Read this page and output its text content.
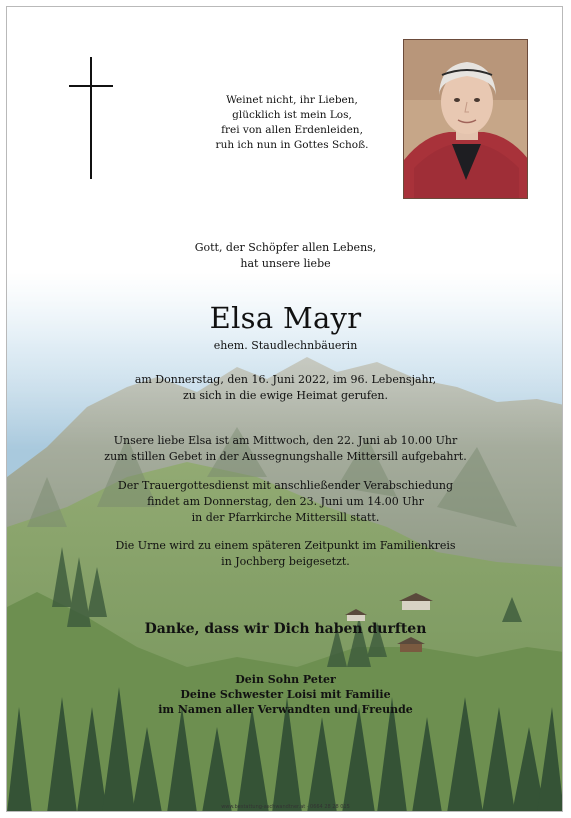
Weinet nicht, ihr Lieben,
glücklich ist mein Los,
frei von allen Erdenleiden,
ruh ich nun in Gottes Schoß.
Gott, der Schöpfer allen Lebens,
hat unsere liebe
Elsa Mayr
ehem. Staudlechnbäuerin
am Donnerstag, den 16. Juni 2022, im 96. Lebensjahr,
zu sich in die ewige Heimat gerufen.
Unsere liebe Elsa ist am Mittwoch, den 22. Juni ab 10.00 Uhr
zum stillen Gebet in der Aussegnungshalle Mittersill aufgebahrt.
Der Trauergottesdienst mit anschließender Verabschiedung
findet am Donnerstag, den 23. Juni um 14.00 Uhr
in der Pfarrkirche Mittersill statt.
Die Urne wird zu einem späteren Zeitpunkt im Familienkreis
in Jochberg beigesetzt.
Danke, dass wir Dich haben durften
Dein Sohn Peter
Deine Schwester Loisi mit Familie
im Namen aller Verwandten und Freunde
www.bestattung-aschwandtner.at · 0664 28 28 015
